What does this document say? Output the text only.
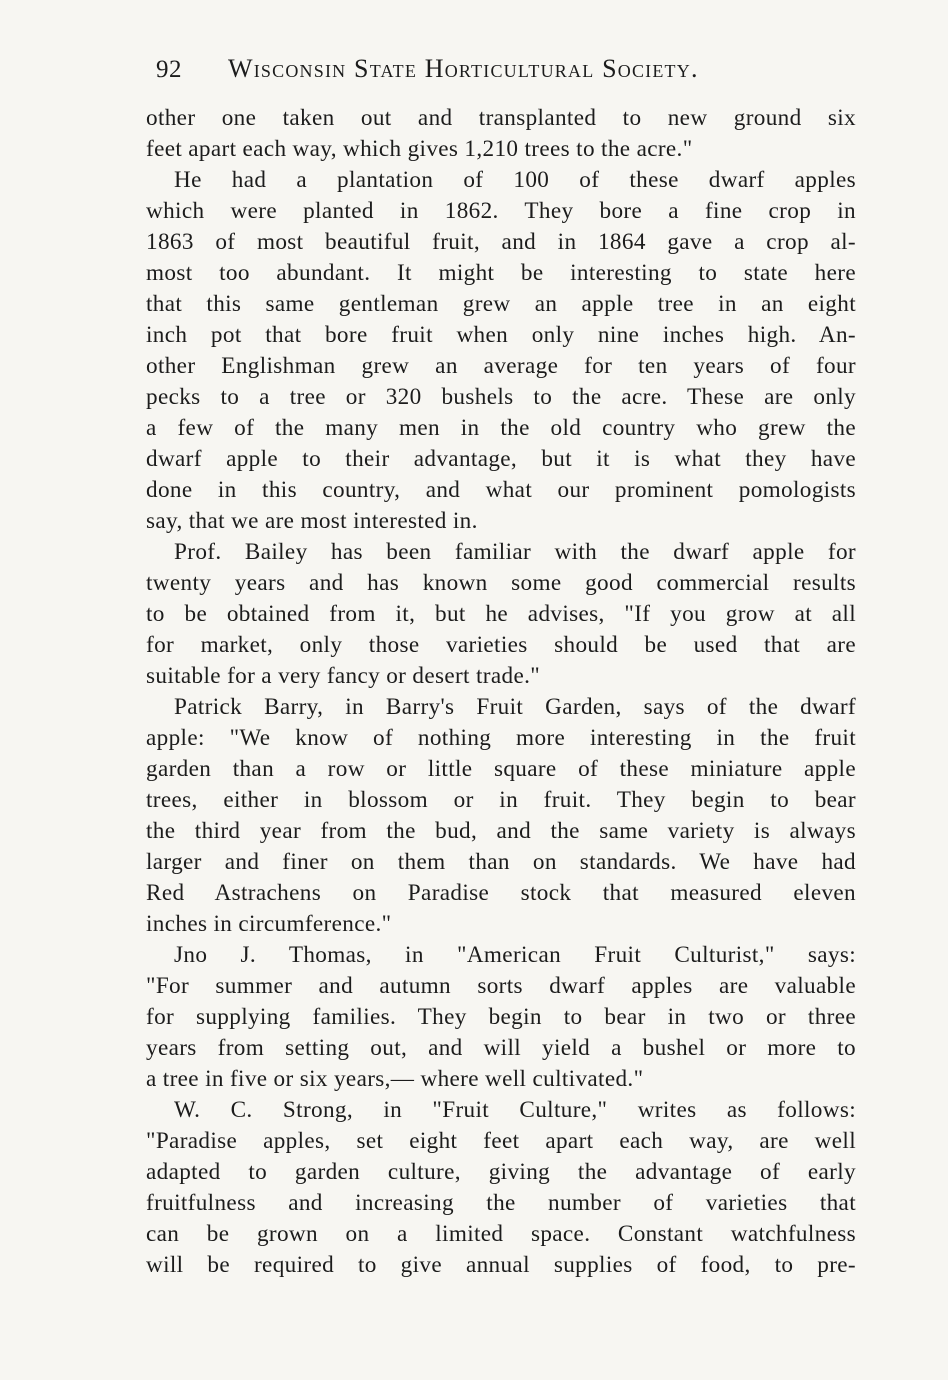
92 Wisconsin State Horticultural Society.
other one taken out and transplanted to new ground six
feet apart each way, which gives 1,210 trees to the acre."
He had a plantation of 100 of these dwarf apples
which were planted in 1862. They bore a fine crop in
1863 of most beautiful fruit, and in 1864 gave a crop al-
most too abundant. It might be interesting to state here
that this same gentleman grew an apple tree in an eight
inch pot that bore fruit when only nine inches high. An-
other Englishman grew an average for ten years of four
pecks to a tree or 320 bushels to the acre. These are only
a few of the many men in the old country who grew the
dwarf apple to their advantage, but it is what they have
done in this country, and what our prominent pomologists
say, that we are most interested in.
Prof. Bailey has been familiar with the dwarf apple for
twenty years and has known some good commercial results
to be obtained from it, but he advises, "If you grow at all
for market, only those varieties should be used that are
suitable for a very fancy or desert trade."
Patrick Barry, in Barry's Fruit Garden, says of the dwarf
apple: "We know of nothing more interesting in the fruit
garden than a row or little square of these miniature apple
trees, either in blossom or in fruit. They begin to bear
the third year from the bud, and the same variety is always
larger and finer on them than on standards. We have had
Red Astrachens on Paradise stock that measured eleven
inches in circumference."
Jno J. Thomas, in "American Fruit Culturist," says:
"For summer and autumn sorts dwarf apples are valuable
for supplying families. They begin to bear in two or three
years from setting out, and will yield a bushel or more to
a tree in five or six years,— where well cultivated."
W. C. Strong, in "Fruit Culture," writes as follows:
"Paradise apples, set eight feet apart each way, are well
adapted to garden culture, giving the advantage of early
fruitfulness and increasing the number of varieties that
can be grown on a limited space. Constant watchfulness
will be required to give annual supplies of food, to pre-
